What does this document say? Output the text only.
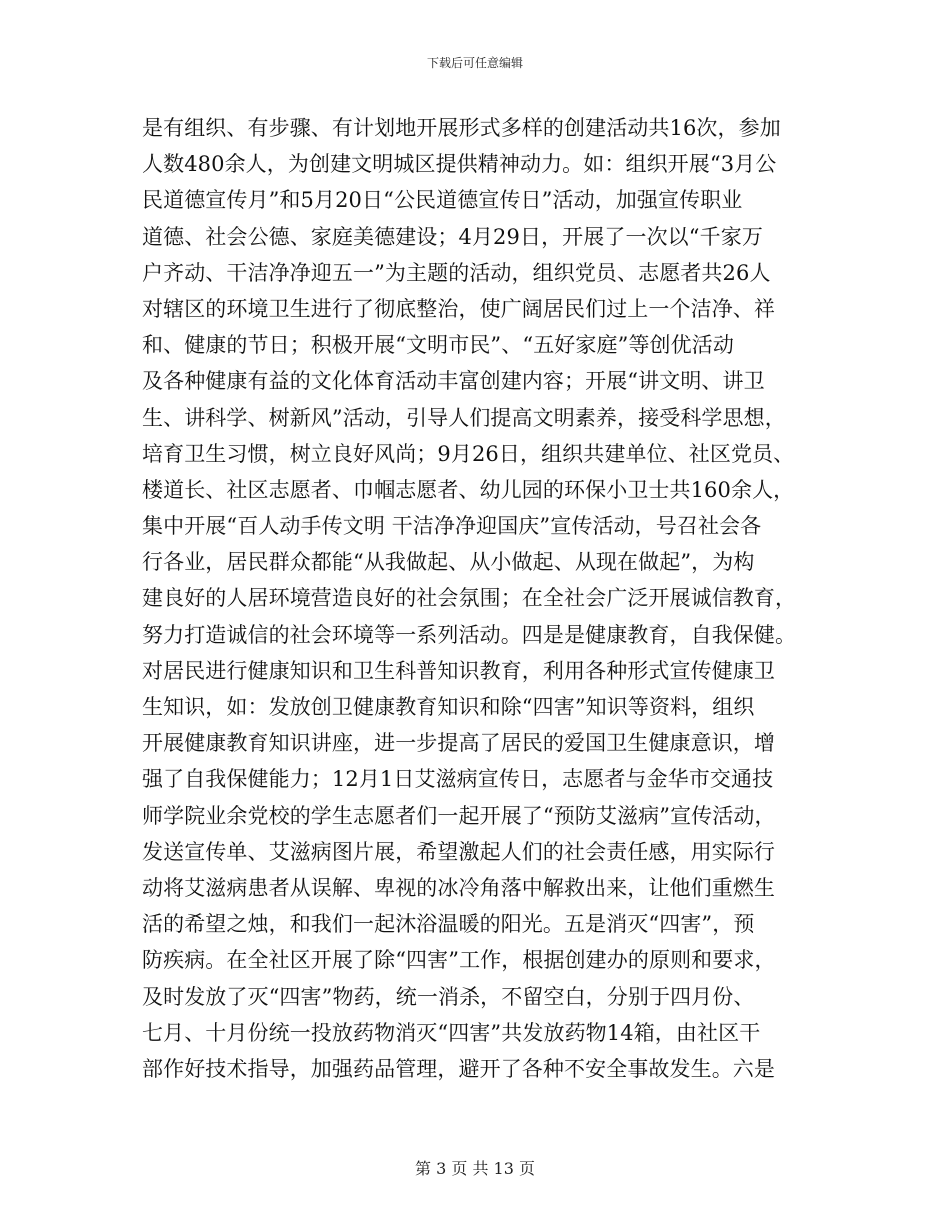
下载后可任意编辑
是有组织、有步骤、有计划地开展形式多样的创建活动共16次，参加
人数480余人，为创建文明城区提供精神动力。如：组织开展“3月公
民道德宣传月”和5月20日“公民道德宣传日”活动，加强宣传职业
道德、社会公德、家庭美德建设；4月29日，开展了一次以“千家万
户齐动、干洁净净迎五一”为主题的活动，组织党员、志愿者共26人
对辖区的环境卫生进行了彻底整治，使广阔居民们过上一个洁净、祥
和、健康的节日；积极开展“文明市民”、“五好家庭”等创优活动
及各种健康有益的文化体育活动丰富创建内容；开展“讲文明、讲卫
生、讲科学、树新风”活动，引导人们提高文明素养，接受科学思想，
培育卫生习惯，树立良好风尚；9月26日，组织共建单位、社区党员、
楼道长、社区志愿者、巾帼志愿者、幼儿园的环保小卫士共160余人，
集中开展“百人动手传文明 干洁净净迎国庆”宣传活动，号召社会各
行各业，居民群众都能“从我做起、从小做起、从现在做起”，为构
建良好的人居环境营造良好的社会氛围；在全社会广泛开展诚信教育，
努力打造诚信的社会环境等一系列活动。四是是健康教育，自我保健。
对居民进行健康知识和卫生科普知识教育，利用各种形式宣传健康卫
生知识，如：发放创卫健康教育知识和除“四害”知识等资料，组织
开展健康教育知识讲座，进一步提高了居民的爱国卫生健康意识，增
强了自我保健能力；12月1日艾滋病宣传日，志愿者与金华市交通技
师学院业余党校的学生志愿者们一起开展了“预防艾滋病”宣传活动，
发送宣传单、艾滋病图片展，希望激起人们的社会责任感，用实际行
动将艾滋病患者从误解、卑视的冰冷角落中解救出来，让他们重燃生
活的希望之烛，和我们一起沐浴温暖的阳光。五是消灭“四害”，预
防疾病。在全社区开展了除“四害”工作，根据创建办的原则和要求，
及时发放了灭“四害”物药，统一消杀，不留空白，分别于四月份、
七月、十月份统一投放药物消灭“四害”共发放药物14箱，由社区干
部作好技术指导，加强药品管理，避开了各种不安全事故发生。六是
第 3 页 共 13 页
